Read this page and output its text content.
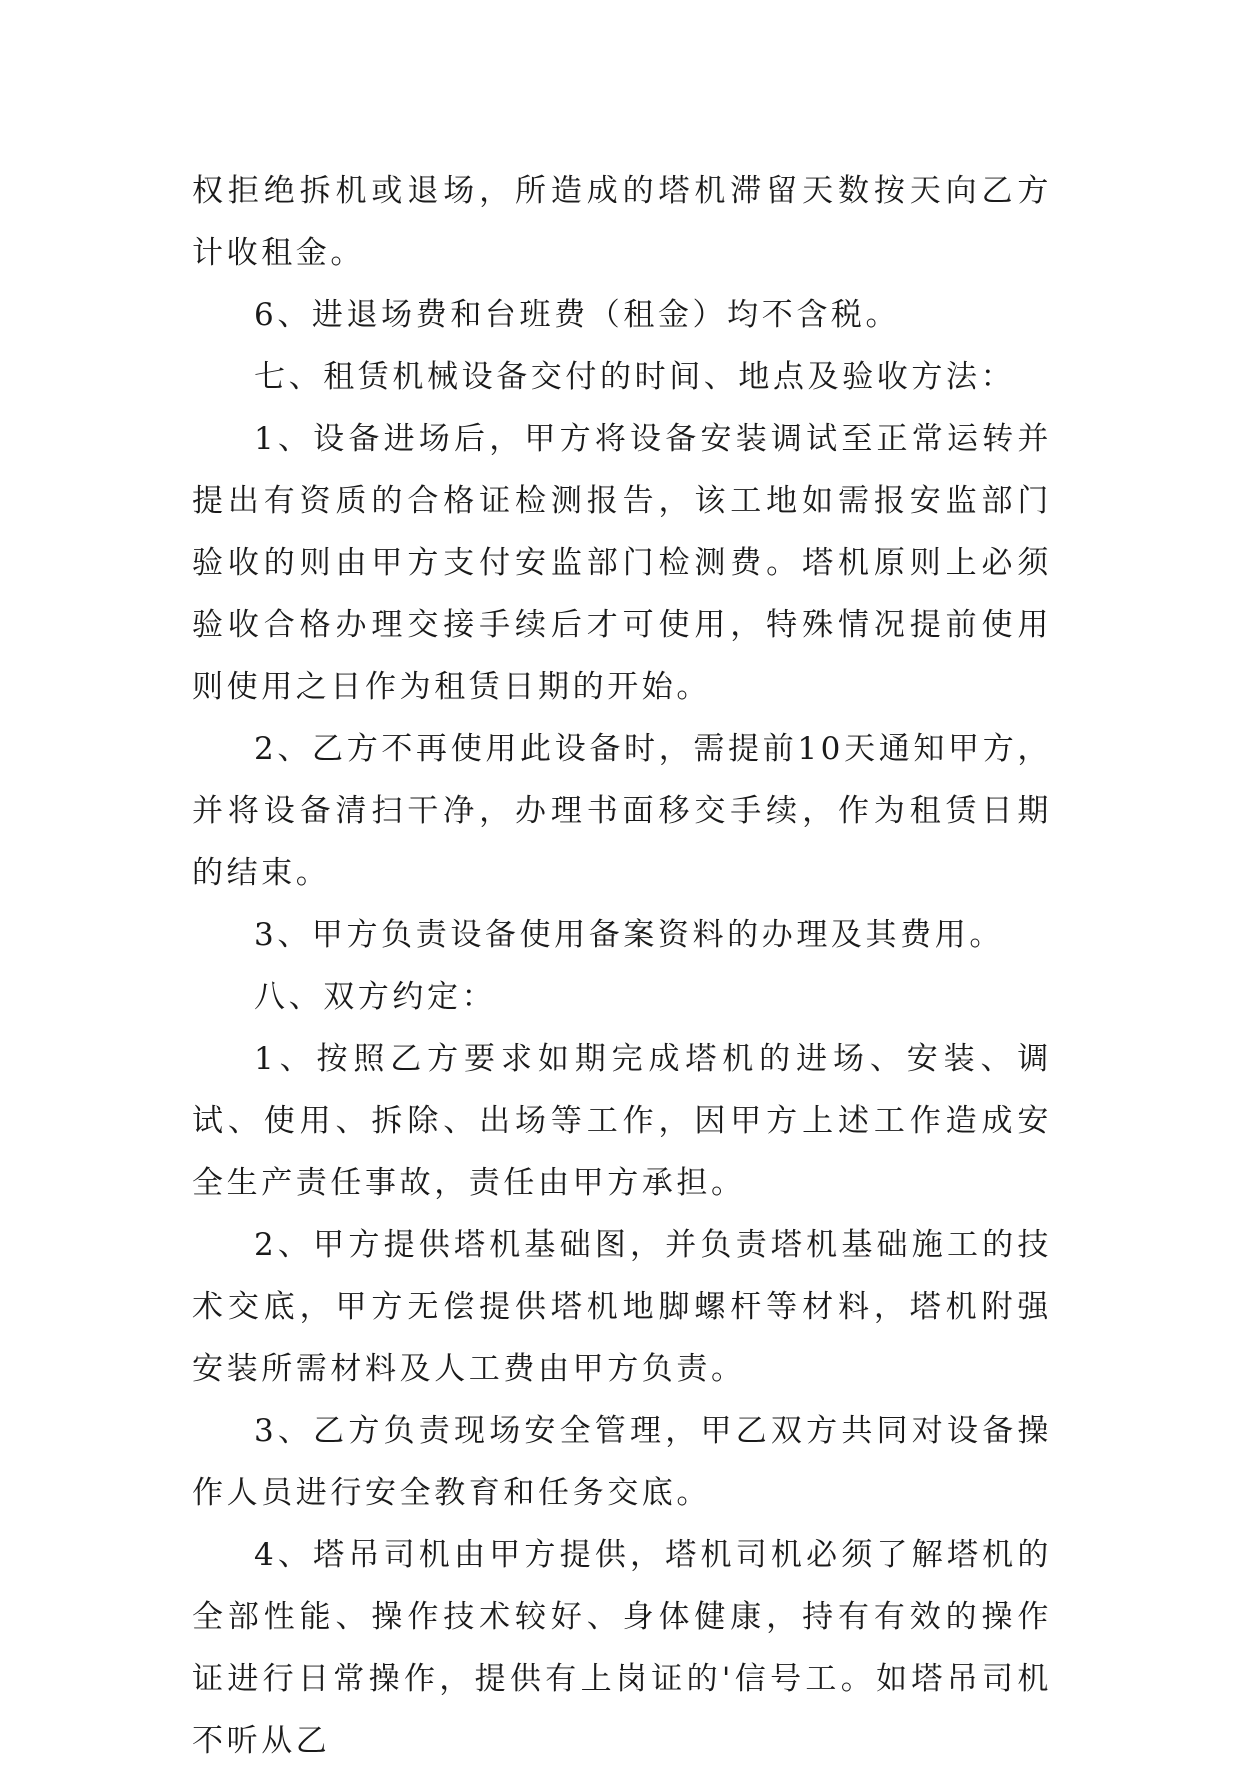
权拒绝拆机或退场，所造成的塔机滞留天数按天向乙方计收租金。

6、进退场费和台班费（租金）均不含税。

七、租赁机械设备交付的时间、地点及验收方法：

1、设备进场后，甲方将设备安装调试至正常运转并提出有资质的合格证检测报告，该工地如需报安监部门验收的则由甲方支付安监部门检测费。塔机原则上必须验收合格办理交接手续后才可使用，特殊情况提前使用则使用之日作为租赁日期的开始。

2、乙方不再使用此设备时，需提前10天通知甲方，并将设备清扫干净，办理书面移交手续，作为租赁日期的结束。

3、甲方负责设备使用备案资料的办理及其费用。

八、双方约定：

1、按照乙方要求如期完成塔机的进场、安装、调试、使用、拆除、出场等工作，因甲方上述工作造成安全生产责任事故，责任由甲方承担。

2、甲方提供塔机基础图，并负责塔机基础施工的技术交底，甲方无偿提供塔机地脚螺杆等材料，塔机附强安装所需材料及人工费由甲方负责。

3、乙方负责现场安全管理，甲乙双方共同对设备操作人员进行安全教育和任务交底。

4、塔吊司机由甲方提供，塔机司机必须了解塔机的全部性能、操作技术较好、身体健康，持有有效的操作证进行日常操作，提供有上岗证的'信号工。如塔吊司机不听从乙
